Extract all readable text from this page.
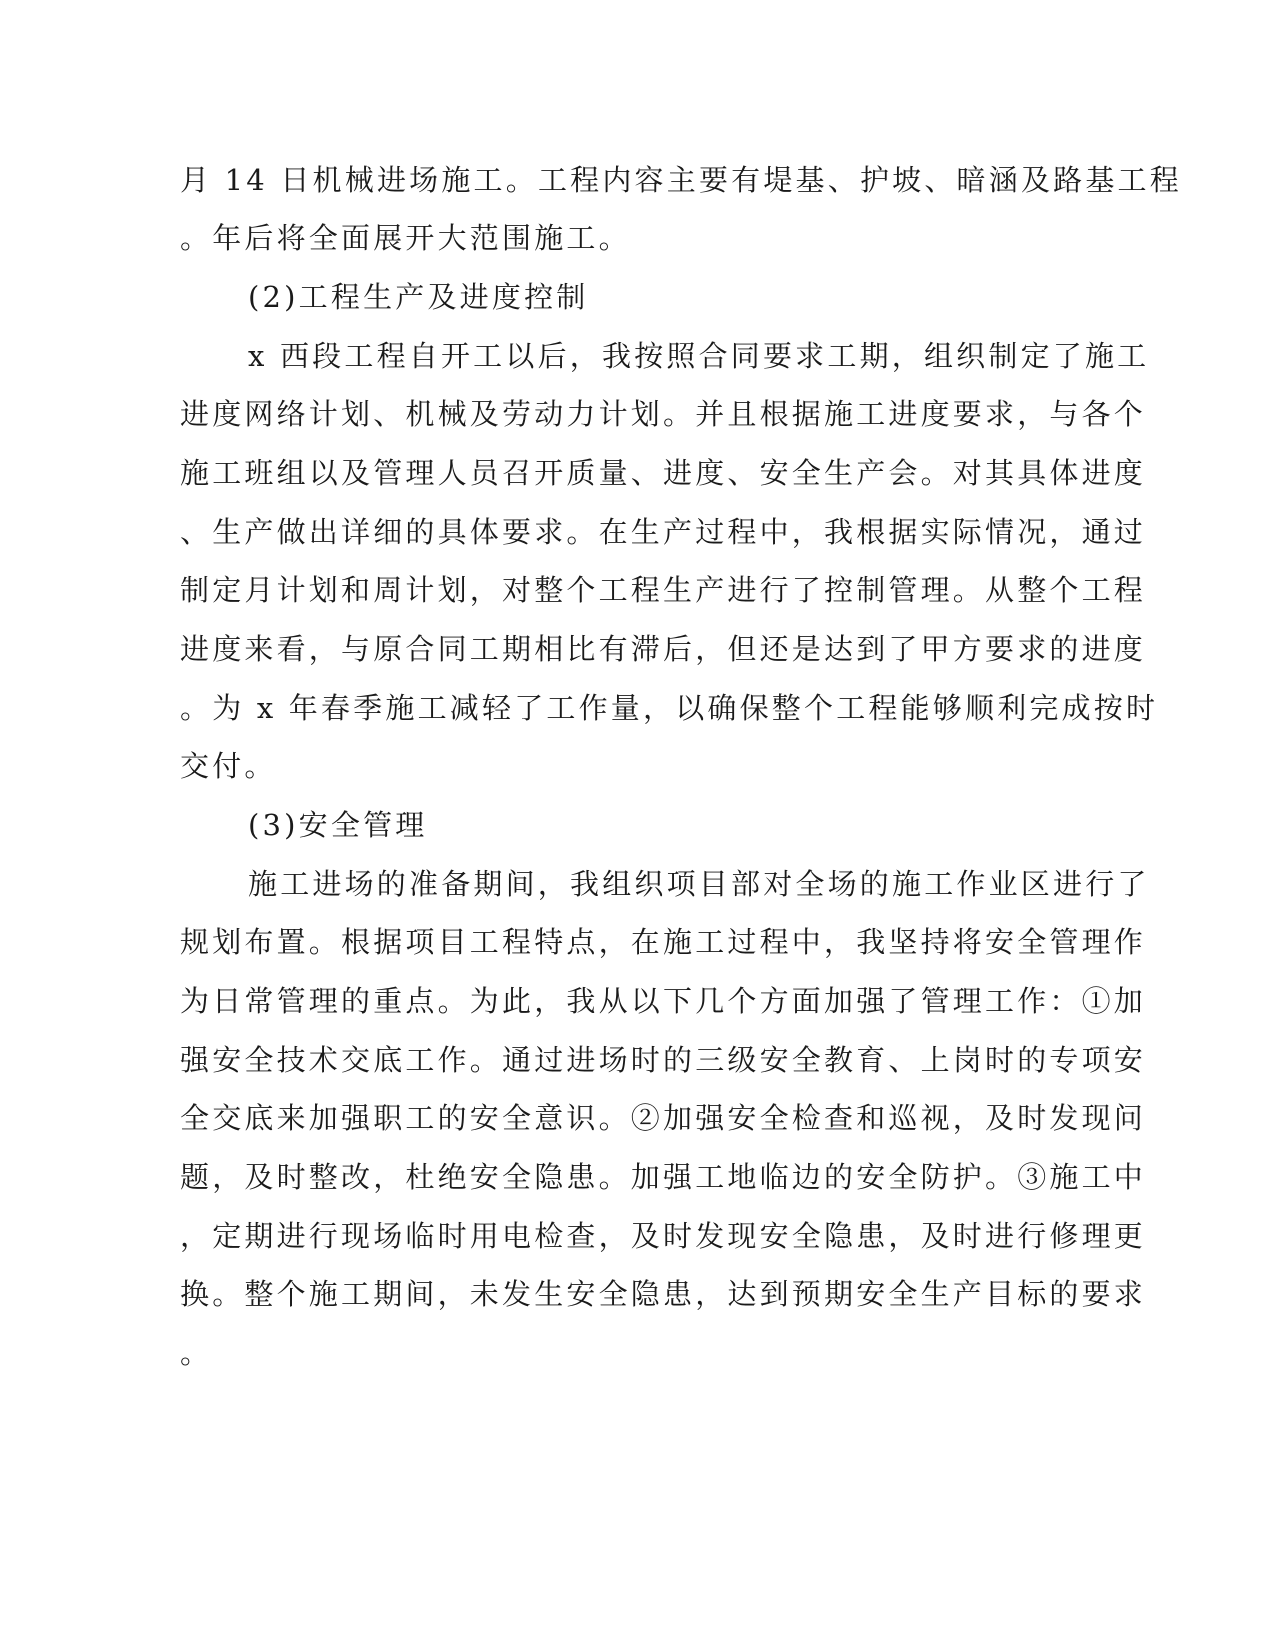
月 14 日机械进场施工。工程内容主要有堤基、护坡、暗涵及路基工程
。年后将全面展开大范围施工。
(2)工程生产及进度控制
x 西段工程自开工以后，我按照合同要求工期，组织制定了施工
进度网络计划、机械及劳动力计划。并且根据施工进度要求，与各个
施工班组以及管理人员召开质量、进度、安全生产会。对其具体进度
、生产做出详细的具体要求。在生产过程中，我根据实际情况，通过
制定月计划和周计划，对整个工程生产进行了控制管理。从整个工程
进度来看，与原合同工期相比有滞后，但还是达到了甲方要求的进度
。为 x 年春季施工减轻了工作量，以确保整个工程能够顺利完成按时
交付。
(3)安全管理
施工进场的准备期间，我组织项目部对全场的施工作业区进行了
规划布置。根据项目工程特点，在施工过程中，我坚持将安全管理作
为日常管理的重点。为此，我从以下几个方面加强了管理工作：①加
强安全技术交底工作。通过进场时的三级安全教育、上岗时的专项安
全交底来加强职工的安全意识。②加强安全检查和巡视，及时发现问
题，及时整改，杜绝安全隐患。加强工地临边的安全防护。③施工中
，定期进行现场临时用电检查，及时发现安全隐患，及时进行修理更
换。整个施工期间，未发生安全隐患，达到预期安全生产目标的要求
。
